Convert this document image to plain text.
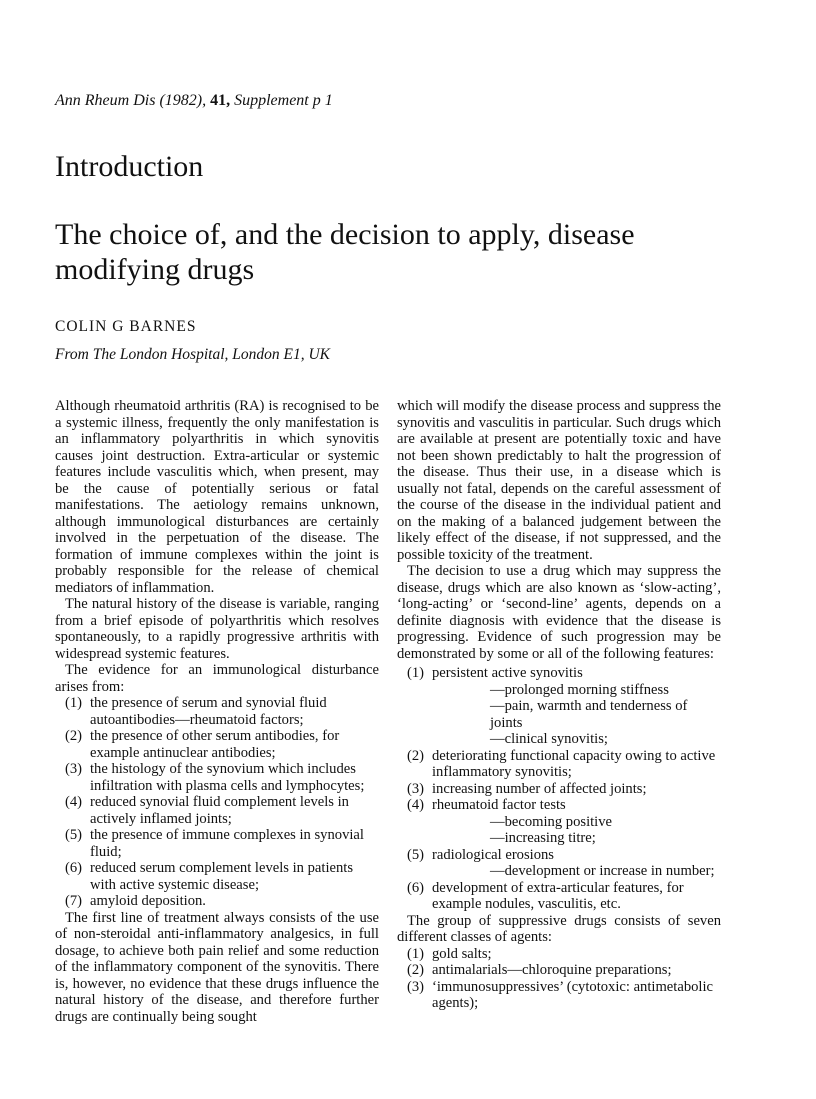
Ann Rheum Dis (1982), 41, Supplement p 1
Introduction
The choice of, and the decision to apply, disease modifying drugs
COLIN G BARNES
From The London Hospital, London E1, UK

Although rheumatoid arthritis (RA) is recognised to be a systemic illness, frequently the only manifestation is an inflammatory polyarthritis in which synovitis causes joint destruction. Extra-articular or systemic features include vasculitis which, when present, may be the cause of potentially serious or fatal manifestations. The aetiology remains unknown, although immunological disturbances are certainly involved in the perpetuation of the disease. The formation of immune complexes within the joint is probably responsible for the release of chemical mediators of inflammation.

The natural history of the disease is variable, ranging from a brief episode of polyarthritis which resolves spontaneously, to a rapidly progressive arthritis with widespread systemic features.

The evidence for an immunological disturbance arises from:

(1) the presence of serum and synovial fluid autoantibodies—rheumatoid factors;
(2) the presence of other serum antibodies, for example antinuclear antibodies;
(3) the histology of the synovium which includes infiltration with plasma cells and lymphocytes;
(4) reduced synovial fluid complement levels in actively inflamed joints;
(5) the presence of immune complexes in synovial fluid;
(6) reduced serum complement levels in patients with active systemic disease;
(7) amyloid deposition.

The first line of treatment always consists of the use of non-steroidal anti-inflammatory analgesics, in full dosage, to achieve both pain relief and some reduction of the inflammatory component of the synovitis. There is, however, no evidence that these drugs influence the natural history of the disease, and therefore further drugs are continually being sought

which will modify the disease process and suppress the synovitis and vasculitis in particular. Such drugs which are available at present are potentially toxic and have not been shown predictably to halt the progression of the disease. Thus their use, in a disease which is usually not fatal, depends on the careful assessment of the course of the disease in the individual patient and on the making of a balanced judgement between the likely effect of the disease, if not suppressed, and the possible toxicity of the treatment.

The decision to use a drug which may suppress the disease, drugs which are also known as ‘slow-acting’, ‘long-acting’ or ‘second-line’ agents, depends on a definite diagnosis with evidence that the disease is progressing. Evidence of such progression may be demonstrated by some or all of the following features:

(1) persistent active synovitis
—prolonged morning stiffness
—pain, warmth and tenderness of joints
—clinical synovitis;
(2) deteriorating functional capacity owing to active inflammatory synovitis;
(3) increasing number of affected joints;
(4) rheumatoid factor tests
—becoming positive
—increasing titre;
(5) radiological erosions
—development or increase in number;
(6) development of extra-articular features, for example nodules, vasculitis, etc.

The group of suppressive drugs consists of seven different classes of agents:

(1) gold salts;
(2) antimalarials—chloroquine preparations;
(3) ‘immunosuppressives’ (cytotoxic: antimetabolic agents);
